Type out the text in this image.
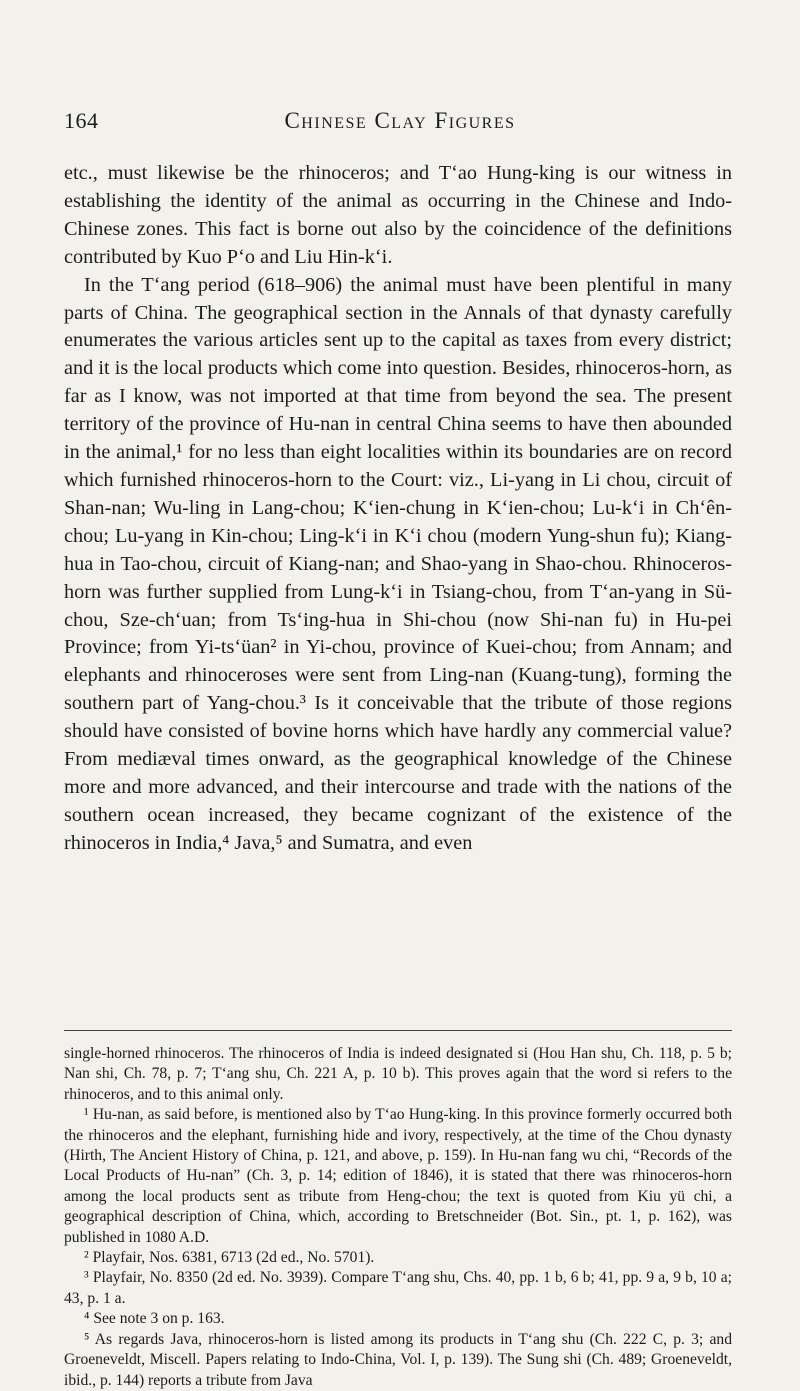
164	Chinese Clay Figures

etc., must likewise be the rhinoceros; and T‘ao Hung-king is our witness in establishing the identity of the animal as occurring in the Chinese and Indo-Chinese zones. This fact is borne out also by the coincidence of the definitions contributed by Kuo P‘o and Liu Hin-k‘i.

In the T‘ang period (618–906) the animal must have been plentiful in many parts of China. The geographical section in the Annals of that dynasty carefully enumerates the various articles sent up to the capital as taxes from every district; and it is the local products which come into question. Besides, rhinoceros-horn, as far as I know, was not imported at that time from beyond the sea. The present territory of the province of Hu-nan in central China seems to have then abounded in the animal,¹ for no less than eight localities within its boundaries are on record which furnished rhinoceros-horn to the Court: viz., Li-yang in Li chou, circuit of Shan-nan; Wu-ling in Lang-chou; K‘ien-chung in K‘ien-chou; Lu-k‘i in Ch‘ên-chou; Lu-yang in Kin-chou; Ling-k‘i in K‘i chou (modern Yung-shun fu); Kiang-hua in Tao-chou, circuit of Kiang-nan; and Shao-yang in Shao-chou. Rhinoceros-horn was further supplied from Lung-k‘i in Tsiang-chou, from T‘an-yang in Sü-chou, Sze-ch‘uan; from Ts‘ing-hua in Shi-chou (now Shi-nan fu) in Hu-pei Province; from Yi-ts‘üan² in Yi-chou, province of Kuei-chou; from Annam; and elephants and rhinoceroses were sent from Ling-nan (Kuang-tung), forming the southern part of Yang-chou.³ Is it conceivable that the tribute of those regions should have consisted of bovine horns which have hardly any commercial value? From mediæval times onward, as the geographical knowledge of the Chinese more and more advanced, and their intercourse and trade with the nations of the southern ocean increased, they became cognizant of the existence of the rhinoceros in India,⁴ Java,⁵ and Sumatra, and even

single-horned rhinoceros. The rhinoceros of India is indeed designated si (Hou Han shu, Ch. 118, p. 5 b; Nan shi, Ch. 78, p. 7; T‘ang shu, Ch. 221 A, p. 10 b). This proves again that the word si refers to the rhinoceros, and to this animal only.

¹ Hu-nan, as said before, is mentioned also by T‘ao Hung-king. In this province formerly occurred both the rhinoceros and the elephant, furnishing hide and ivory, respectively, at the time of the Chou dynasty (Hirth, The Ancient History of China, p. 121, and above, p. 159). In Hu-nan fang wu chi, “Records of the Local Products of Hu-nan” (Ch. 3, p. 14; edition of 1846), it is stated that there was rhinoceros-horn among the local products sent as tribute from Heng-chou; the text is quoted from Kiu yü chi, a geographical description of China, which, according to Bretschneider (Bot. Sin., pt. 1, p. 162), was published in 1080 A.D.

² Playfair, Nos. 6381, 6713 (2d ed., No. 5701).

³ Playfair, No. 8350 (2d ed. No. 3939). Compare T‘ang shu, Chs. 40, pp. 1 b, 6 b; 41, pp. 9 a, 9 b, 10 a; 43, p. 1 a.

⁴ See note 3 on p. 163.

⁵ As regards Java, rhinoceros-horn is listed among its products in T‘ang shu (Ch. 222 C, p. 3; and Groeneveldt, Miscell. Papers relating to Indo-China, Vol. I, p. 139). The Sung shi (Ch. 489; Groeneveldt, ibid., p. 144) reports a tribute from Java
